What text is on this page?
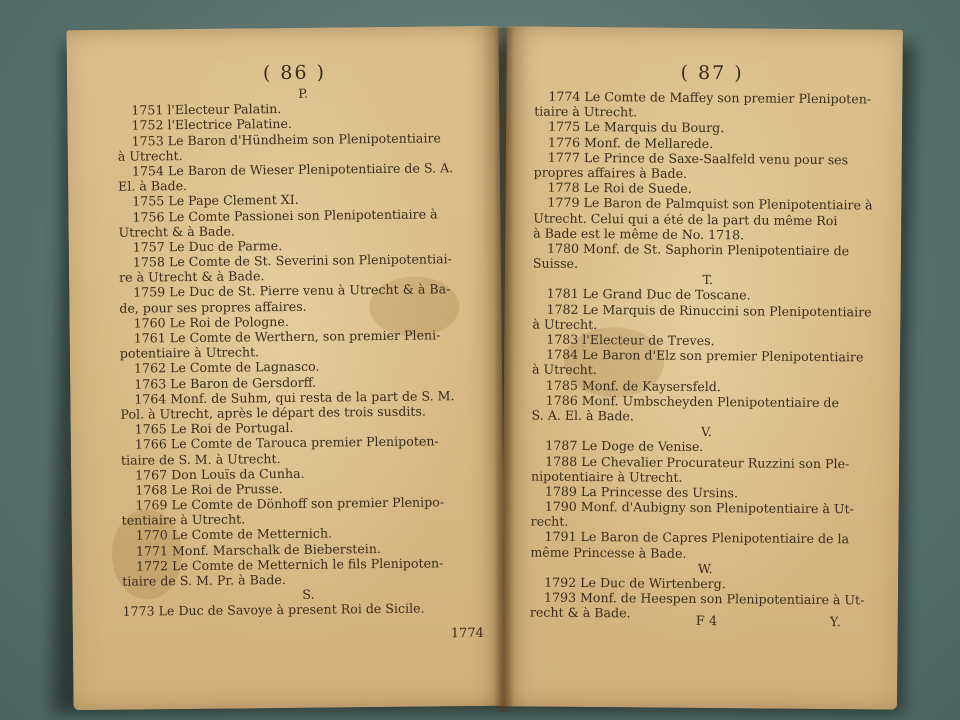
( 86 )
P.
1751 l'Electeur Palatin.
1752 l'Electrice Palatine.
1753 Le Baron d'Hündheim son Plenipotentiaire
à Utrecht.
1754 Le Baron de Wieser Plenipotentiaire de S. A.
El. à Bade.
1755 Le Pape Clement XI.
1756 Le Comte Passionei son Plenipotentiaire à
Utrecht & à Bade.
1757 Le Duc de Parme.
1758 Le Comte de St. Severini son Plenipotentiai-
re à Utrecht & à Bade.
1759 Le Duc de St. Pierre venu à Utrecht & à Ba-
de, pour ses propres affaires.
1760 Le Roi de Pologne.
1761 Le Comte de Werthern, son premier Pleni-
potentiaire à Utrecht.
1762 Le Comte de Lagnasco.
1763 Le Baron de Gersdorff.
1764 Monf. de Suhm, qui resta de la part de S. M.
Pol. à Utrecht, après le départ des trois susdits.
1765 Le Roi de Portugal.
1766 Le Comte de Tarouca premier Plenipoten-
tiaire de S. M. à Utrecht.
1767 Don Louïs da Cunha.
1768 Le Roi de Prusse.
1769 Le Comte de Dönhoff son premier Plenipo-
tentiaire à Utrecht.
1770 Le Comte de Metternich.
1771 Monf. Marschalk de Bieberstein.
1772 Le Comte de Metternich le fils Plenipoten-
tiaire de S. M. Pr. à Bade.
S.
1773 Le Duc de Savoye à present Roi de Sicile.
1774
( 87 )
1774 Le Comte de Maffey son premier Plenipoten-
tiaire à Utrecht.
1775 Le Marquis du Bourg.
1776 Monf. de Mellarede.
1777 Le Prince de Saxe-Saalfeld venu pour ses
propres affaires à Bade.
1778 Le Roi de Suede.
1779 Le Baron de Palmquist son Plenipotentiaire à
Utrecht. Celui qui a été de la part du même Roi
à Bade est le même de No. 1718.
1780 Monf. de St. Saphorin Plenipotentiaire de
Suisse.
T.
1781 Le Grand Duc de Toscane.
1782 Le Marquis de Rinuccini son Plenipotentiaire
à Utrecht.
1783 l'Electeur de Treves.
1784 Le Baron d'Elz son premier Plenipotentiaire
à Utrecht.
1785 Monf. de Kaysersfeld.
1786 Monf. Umbscheyden Plenipotentiaire de
S. A. El. à Bade.
V.
1787 Le Doge de Venise.
1788 Le Chevalier Procurateur Ruzzini son Ple-
nipotentiaire à Utrecht.
1789 La Princesse des Ursins.
1790 Monf. d'Aubigny son Plenipotentiaire à Ut-
recht.
1791 Le Baron de Capres Plenipotentiaire de la
même Princesse à Bade.
W.
1792 Le Duc de Wirtenberg.
1793 Monf. de Heespen son Plenipotentiaire à Ut-
recht & à Bade.
F 4	Y.
